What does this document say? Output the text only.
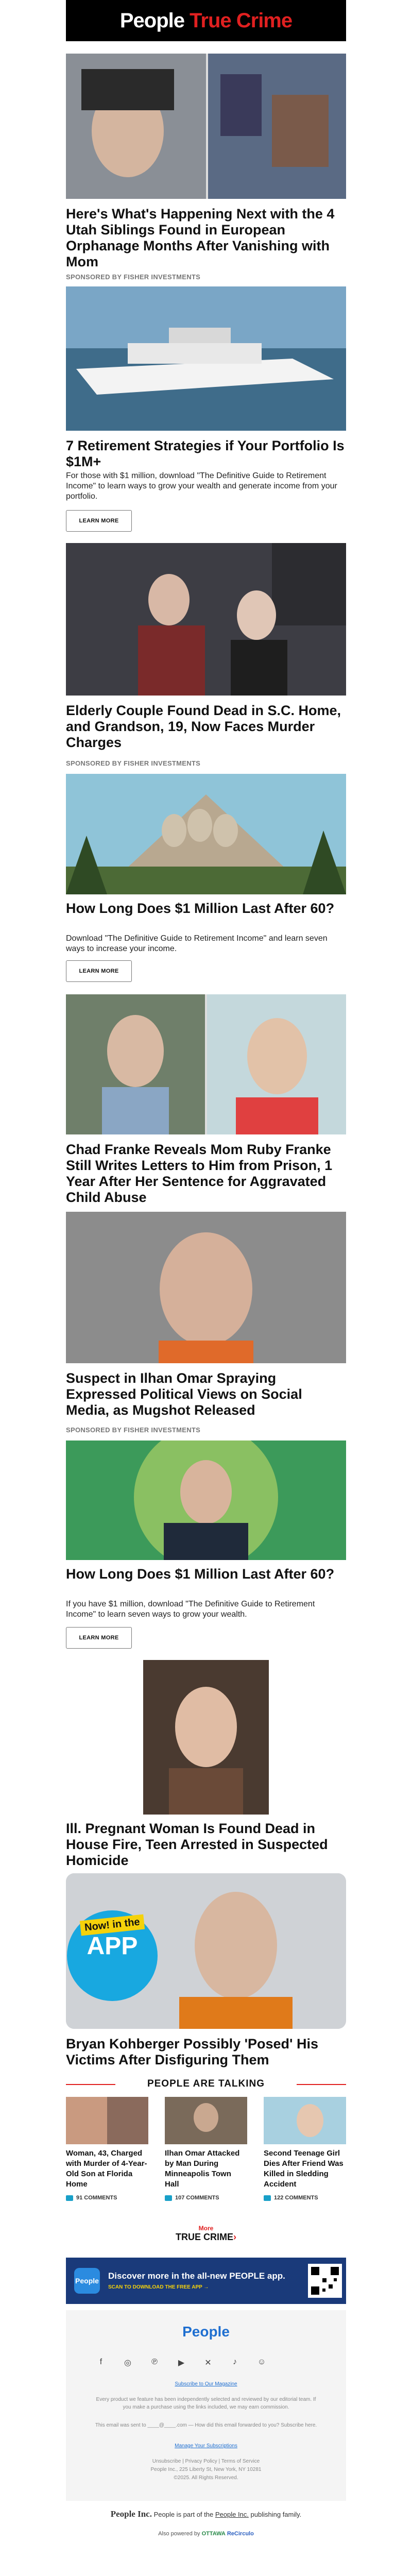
People True Crime
Here's What's Happening Next with the 4 Utah Siblings Found in European Orphanage Months After Vanishing with Mom
SPONSORED BY FISHER INVESTMENTS
7 Retirement Strategies if Your Portfolio Is $1M+
For those with $1 million, download "The Definitive Guide to Retirement Income" to learn ways to grow your wealth and generate income from your portfolio.
LEARN MORE
Elderly Couple Found Dead in S.C. Home, and Grandson, 19, Now Faces Murder Charges
SPONSORED BY FISHER INVESTMENTS
How Long Does $1 Million Last After 60?
Download "The Definitive Guide to Retirement Income" and learn seven ways to increase your income.
LEARN MORE
Chad Franke Reveals Mom Ruby Franke Still Writes Letters to Him from Prison, 1 Year After Her Sentence for Aggravated Child Abuse
Suspect in Ilhan Omar Spraying Expressed Political Views on Social Media, as Mugshot Released
SPONSORED BY FISHER INVESTMENTS
How Long Does $1 Million Last After 60?
If you have $1 million, download "The Definitive Guide to Retirement Income" to learn seven ways to grow your wealth.
LEARN MORE
Ill. Pregnant Woman Is Found Dead in House Fire, Teen Arrested in Suspected Homicide
Now! in the
APP
Bryan Kohberger Possibly 'Posed' His Victims After Disfiguring Them
PEOPLE ARE TALKING
Woman, 43, Charged with Murder of 4-Year-Old Son at Florida Home
91 COMMENTS
Ilhan Omar Attacked by Man During Minneapolis Town Hall
107 COMMENTS
Second Teenage Girl Dies After Friend Was Killed in Sledding Accident
122 COMMENTS
More
TRUE CRIME›
People Discover more in the all-new PEOPLE app.
SCAN TO DOWNLOAD THE FREE APP →
People
f	◎ ℗ ▶ ✕	♪	☺
Subscribe to Our Magazine
Every product we feature has been independently selected and reviewed by our editorial team. If you make a purchase using the links included, we may earn commission.
This email was sent to ____@____.com — How did this email forwarded to you? Subscribe here.
Manage Your Subscriptions
Unsubscribe | Privacy Policy | Terms of Service
People Inc., 225 Liberty St, New York, NY 10281
©2025. All Rights Reserved.
People Inc. People is part of the People Inc. publishing family.
Also powered by OTTAWA ReCirculo
